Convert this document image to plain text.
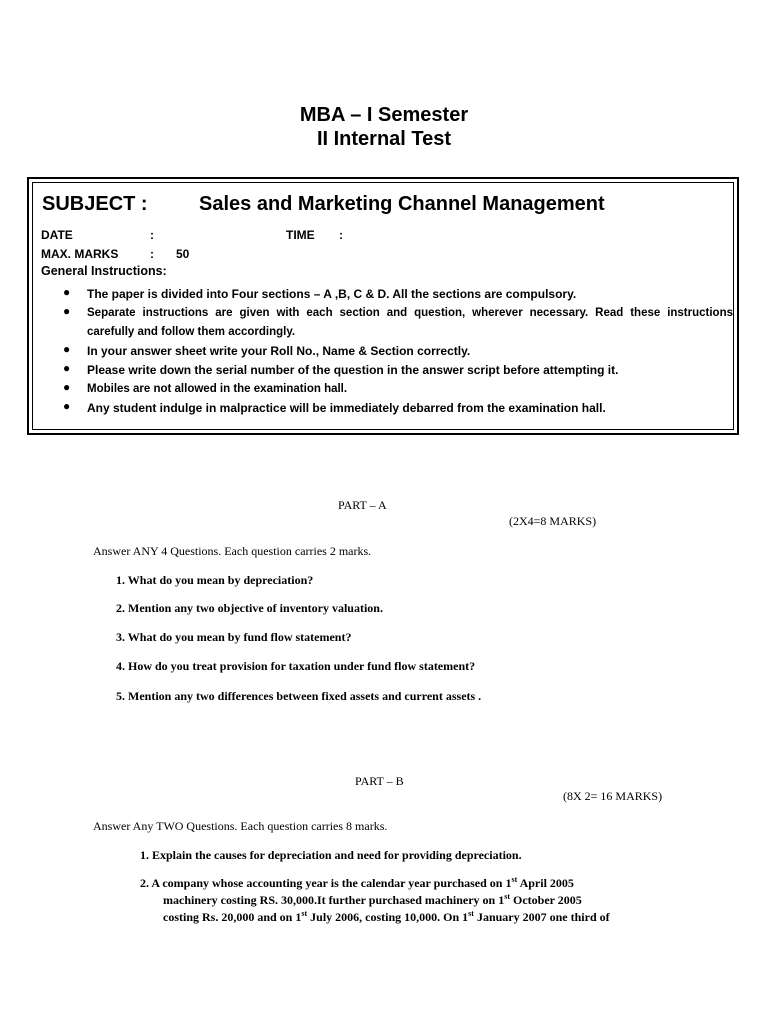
MBA – I Semester
II Internal Test
SUBJECT :	Sales and Marketing Channel Management
DATE	:	TIME :
MAX. MARKS	: 50
General Instructions:
● The paper is divided into Four sections – A ,B, C & D. All the sections are compulsory.
● Separate instructions are given with each section and question, wherever necessary. Read these instructions carefully and follow them accordingly.
● In your answer sheet write your Roll No., Name & Section correctly.
● Please write down the serial number of the question in the answer script before attempting it.
● Mobiles are not allowed in the examination hall.
● Any student indulge in malpractice will be immediately debarred from the examination hall.
PART – A
(2X4=8 MARKS)
Answer ANY 4 Questions. Each question carries 2 marks.
1. What do you mean by depreciation?
2. Mention any two objective of inventory valuation.
3. What do you mean by fund flow statement?
4. How do you treat provision for taxation under fund flow statement?
5. Mention any two differences between fixed assets and current assets .
PART – B
(8X 2= 16 MARKS)
Answer Any TWO Questions. Each question carries 8 marks.
1. Explain the causes for depreciation and need for providing depreciation.
2. A company whose accounting year is the calendar year purchased on 1st April 2005
machinery costing RS. 30,000.It further purchased machinery on 1st October 2005
costing Rs. 20,000 and on 1st July 2006, costing 10,000. On 1st January 2007 one third of
